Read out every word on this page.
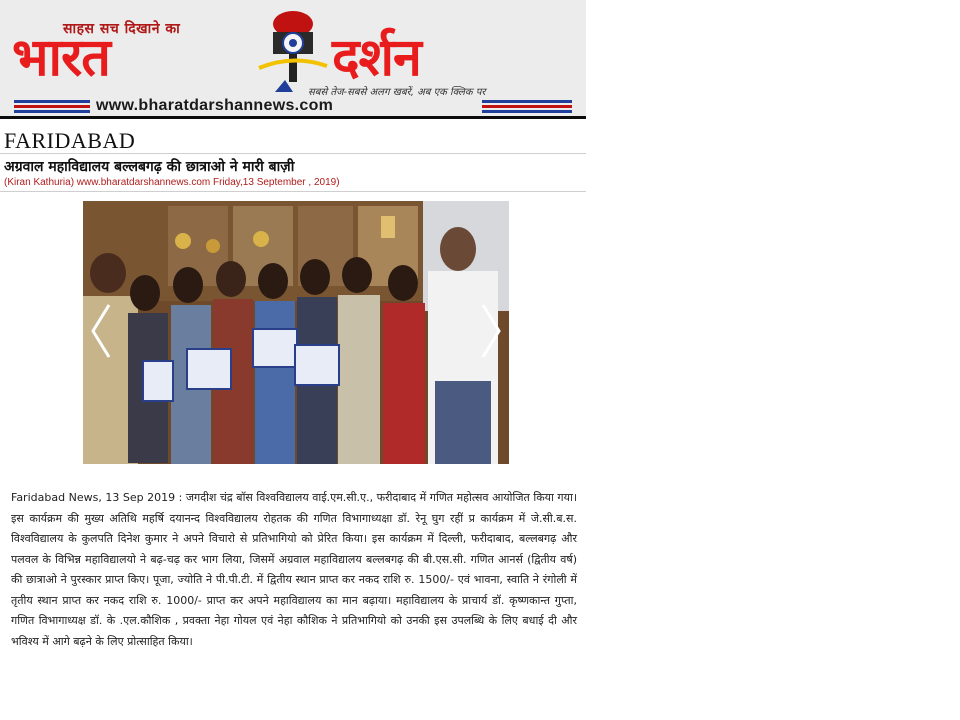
साहस सच दिखाने का
भारत	दर्शन
सबसे तेज-सबसे अलग खबरें, अब एक क्लिक पर
www.bharatdarshannews.com
FARIDABAD
अग्रवाल महाविद्यालय बल्लबगढ़ की छात्राओ ने मारी बाज़ी
(Kiran Kathuria) www.bharatdarshannews.com Friday,13 September , 2019)
Faridabad News, 13 Sep 2019 : जगदीश चंद्र बॉस विश्वविद्यालय वाई.एम.सी.ए., फरीदाबाद में गणित महोत्सव आयोजित किया गया। इस कार्यक्रम की मुख्य अतिथि महर्षि दयानन्द विश्वविद्यालय रोहतक की गणित विभागाध्यक्षा डॉ. रेनू घुग रहीं प्र कार्यक्रम में जे.सी.ब.स. विश्वविद्यालय के कुलपति दिनेश कुमार ने अपने विचारो से प्रतिभागियो को प्रेरित किया। इस कार्यक्रम में दिल्ली, फरीदाबाद, बल्लबगढ़ और पलवल के विभिन्न महाविद्यालयो ने बढ़-चढ़ कर भाग लिया, जिसमें अग्रवाल महाविद्यालय बल्लबगढ़ की बी.एस.सी. गणित आनर्स (द्वितीय वर्ष) की छात्राओ ने पुरस्कार प्राप्त किए। पूजा, ज्योति ने पी.पी.टी. में द्वितीय स्थान प्राप्त कर नकद राशि रु. 1500/- एवं भावना, स्वाति ने रंगोली में तृतीय स्थान प्राप्त कर नकद राशि रु. 1000/- प्राप्त कर अपने महाविद्यालय का मान बढ़ाया। महाविद्यालय के प्राचार्य डॉ. कृष्णकान्त गुप्ता, गणित विभागाध्यक्ष डॉ. के .एल.कौशिक , प्रवक्ता नेहा गोयल एवं नेहा कौशिक ने प्रतिभागियो को उनकी इस उपलब्धि के लिए बधाई दी और भविश्य में आगे बढ़ने के लिए प्रोत्साहित किया।
